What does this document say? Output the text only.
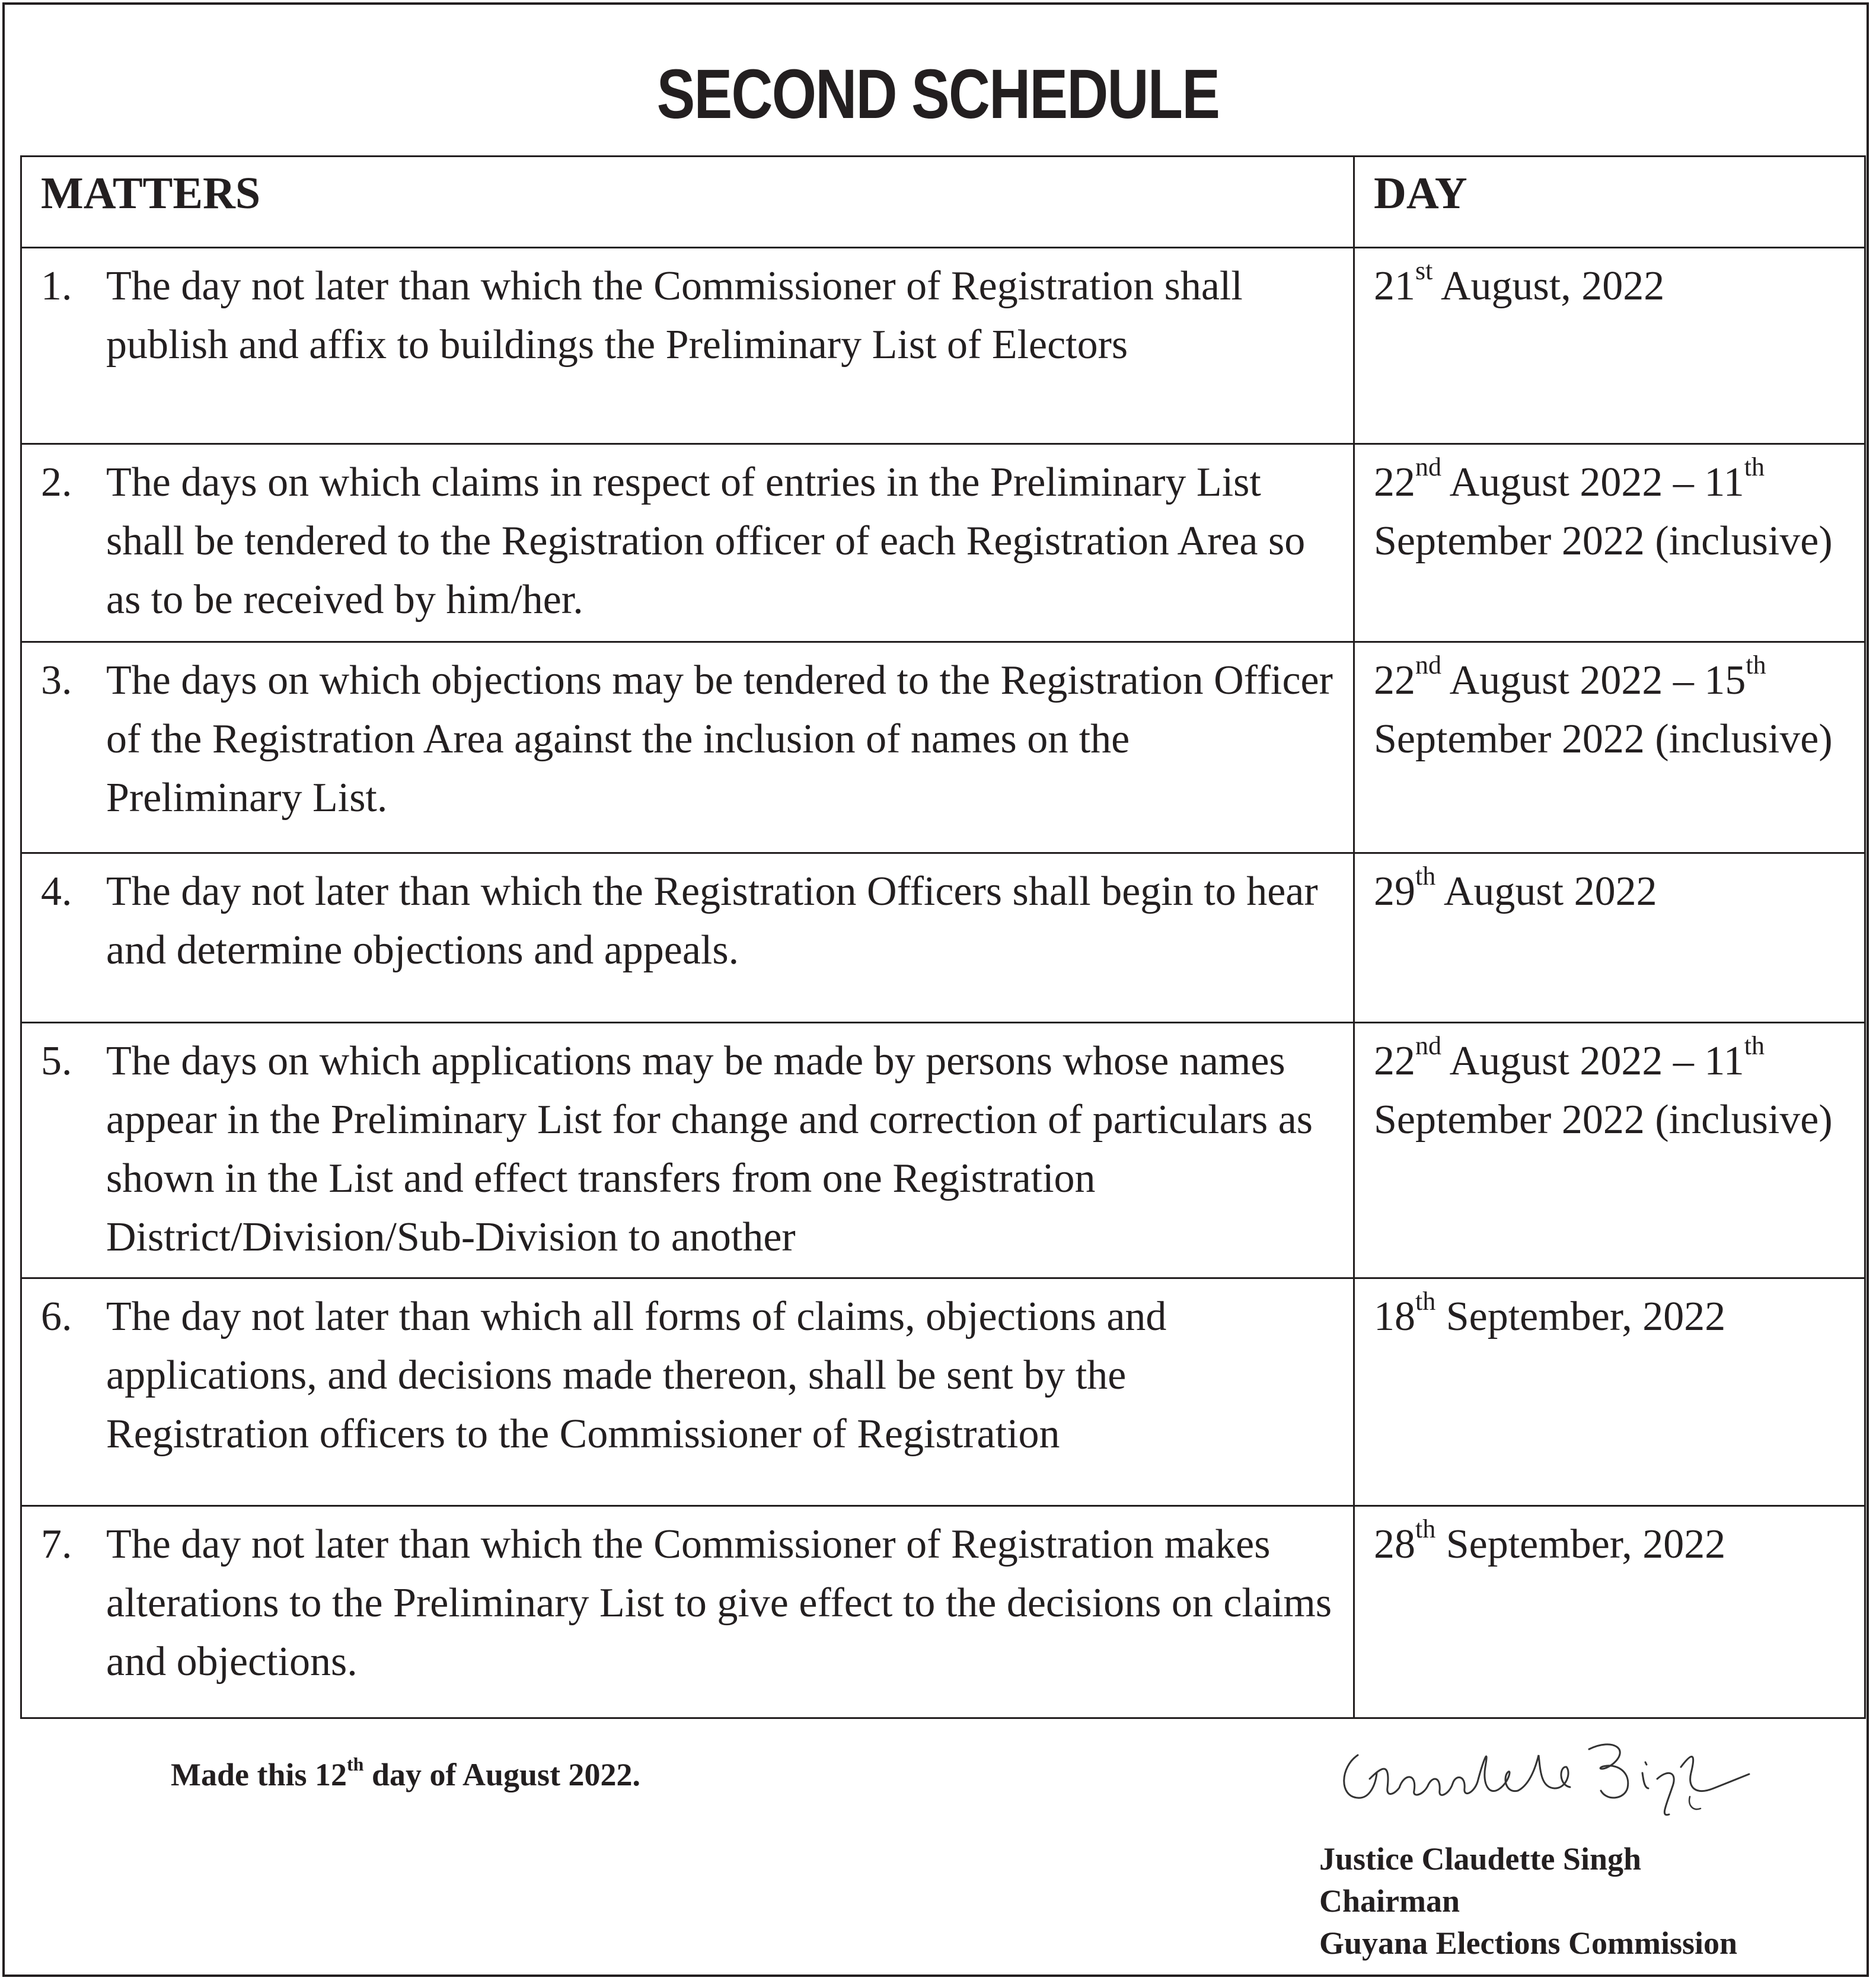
SECOND SCHEDULE
MATTERS	DAY

1. The day not later than which the Commissioner of Registration shall publish and affix to buildings the Preliminary List of Electors	21st August, 2022

2. The days on which claims in respect of entries in the Preliminary List shall be tendered to the Registration officer of each Registration Area so as to be received by him/her.	22nd August 2022 – 11th September 2022 (inclusive)

3. The days on which objections may be tendered to the Registration Officer of the Registration Area against the inclusion of names on the Preliminary List.	22nd August 2022 – 15th September 2022 (inclusive)

4. The day not later than which the Registration Officers shall begin to hear and determine objections and appeals.	29th August 2022

5. The days on which applications may be made by persons whose names appear in the Preliminary List for change and correction of particulars as shown in the List and effect transfers from one Registration District/Division/Sub-Division to another	22nd August 2022 – 11th September 2022 (inclusive)

6. The day not later than which all forms of claims, objections and applications, and decisions made thereon, shall be sent by the Registration officers to the Commissioner of Registration	18th September, 2022

7. The day not later than which the Commissioner of Registration makes alterations to the Preliminary List to give effect to the decisions on claims and objections.	28th September, 2022
Made this 12th day of August 2022.
Justice Claudette Singh
Chairman
Guyana Elections Commission
